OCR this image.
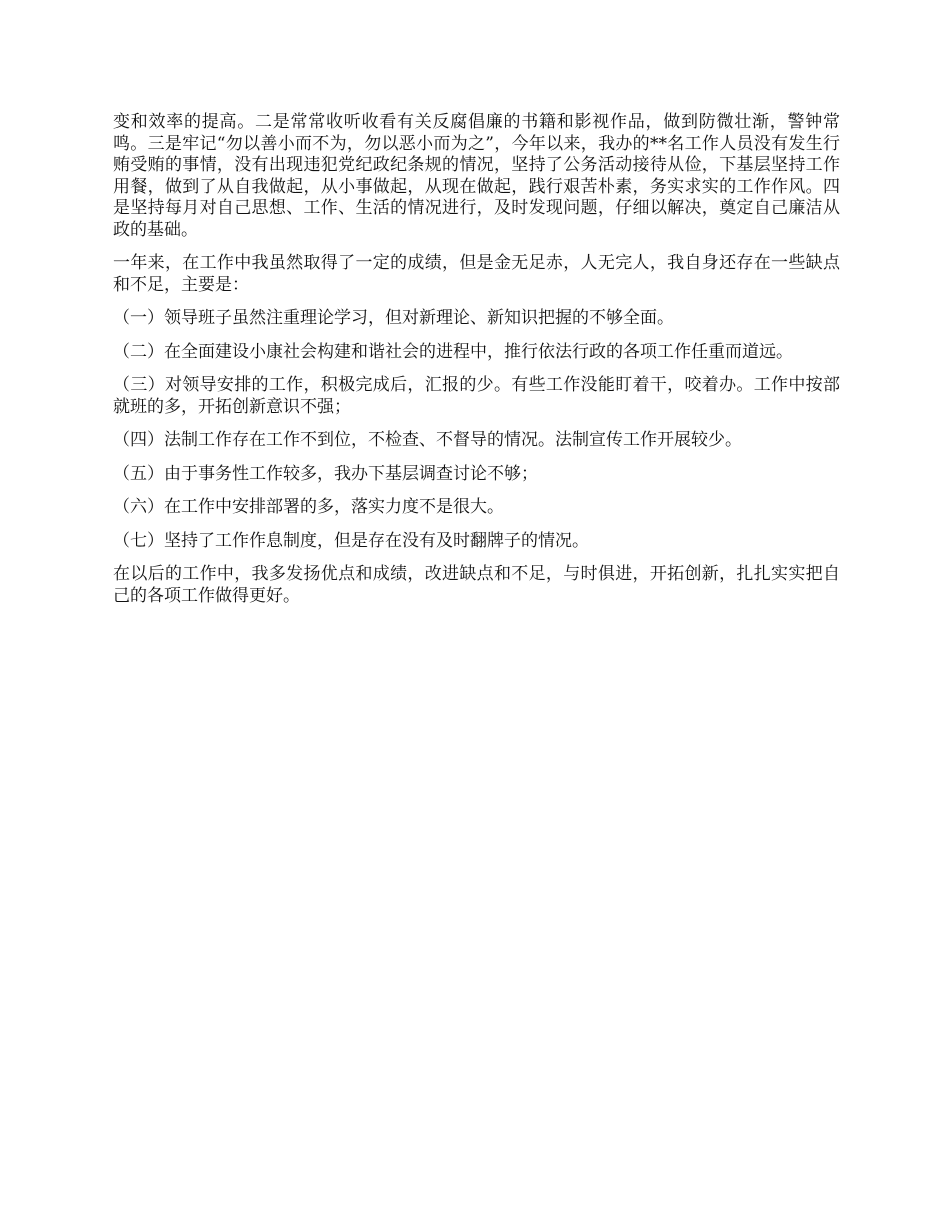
变和效率的提高。二是常常收听收看有关反腐倡廉的书籍和影视作品，做到防微壮渐，警钟常鸣。三是牢记“勿以善小而不为，勿以恶小而为之”，今年以来，我办的**名工作人员没有发生行贿受贿的事情，没有出现违犯党纪政纪条规的情况，坚持了公务活动接待从俭，下基层坚持工作用餐，做到了从自我做起，从小事做起，从现在做起，践行艰苦朴素，务实求实的工作作风。四是坚持每月对自己思想、工作、生活的情况进行，及时发现问题，仔细以解决，奠定自己廉洁从政的基础。

一年来，在工作中我虽然取得了一定的成绩，但是金无足赤，人无完人，我自身还存在一些缺点和不足，主要是：

（一）领导班子虽然注重理论学习，但对新理论、新知识把握的不够全面。

（二）在全面建设小康社会构建和谐社会的进程中，推行依法行政的各项工作任重而道远。

（三）对领导安排的工作，积极完成后，汇报的少。有些工作没能盯着干，咬着办。工作中按部就班的多，开拓创新意识不强；

（四）法制工作存在工作不到位，不检查、不督导的情况。法制宣传工作开展较少。

（五）由于事务性工作较多，我办下基层调查讨论不够；

（六）在工作中安排部署的多，落实力度不是很大。

（七）坚持了工作作息制度，但是存在没有及时翻牌子的情况。

在以后的工作中，我多发扬优点和成绩，改进缺点和不足，与时俱进，开拓创新，扎扎实实把自己的各项工作做得更好。
